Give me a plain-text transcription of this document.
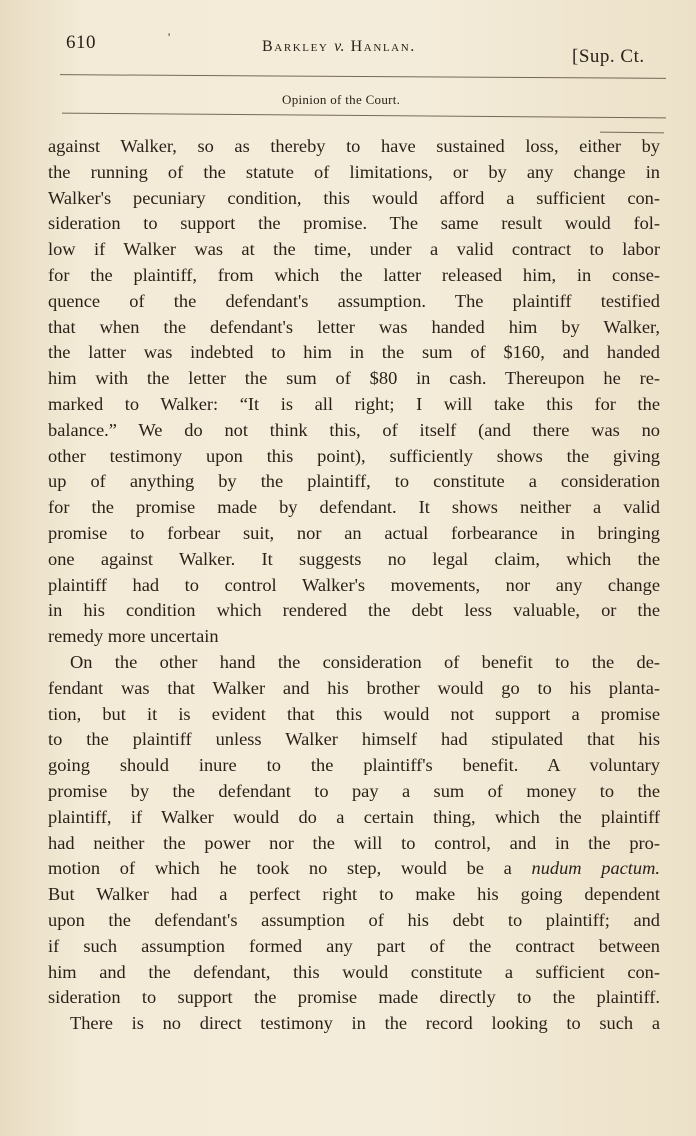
610	'
Barkley v. Hanlan.	[Sup. Ct.
Opinion of the Court.
against Walker, so as thereby to have sustained loss, either by
the running of the statute of limitations, or by any change in
Walker's pecuniary condition, this would afford a sufficient con-
sideration to support the promise. The same result would fol-
low if Walker was at the time, under a valid contract to labor
for the plaintiff, from which the latter released him, in conse-
quence of the defendant's assumption. The plaintiff testified
that when the defendant's letter was handed him by Walker,
the latter was indebted to him in the sum of $160, and handed
him with the letter the sum of $80 in cash. Thereupon he re-
marked to Walker: “It is all right; I will take this for the
balance.” We do not think this, of itself (and there was no
other testimony upon this point), sufficiently shows the giving
up of anything by the plaintiff, to constitute a consideration
for the promise made by defendant. It shows neither a valid
promise to forbear suit, nor an actual forbearance in bringing
one against Walker. It suggests no legal claim, which the
plaintiff had to control Walker's movements, nor any change
in his condition which rendered the debt less valuable, or the
remedy more uncertain
On the other hand the consideration of benefit to the de-
fendant was that Walker and his brother would go to his planta-
tion, but it is evident that this would not support a promise
to the plaintiff unless Walker himself had stipulated that his
going should inure to the plaintiff's benefit. A voluntary
promise by the defendant to pay a sum of money to the
plaintiff, if Walker would do a certain thing, which the plaintiff
had neither the power nor the will to control, and in the pro-
motion of which he took no step, would be a nudum pactum.
But Walker had a perfect right to make his going dependent
upon the defendant's assumption of his debt to plaintiff; and
if such assumption formed any part of the contract between
him and the defendant, this would constitute a sufficient con-
sideration to support the promise made directly to the plaintiff.
There is no direct testimony in the record looking to such a
